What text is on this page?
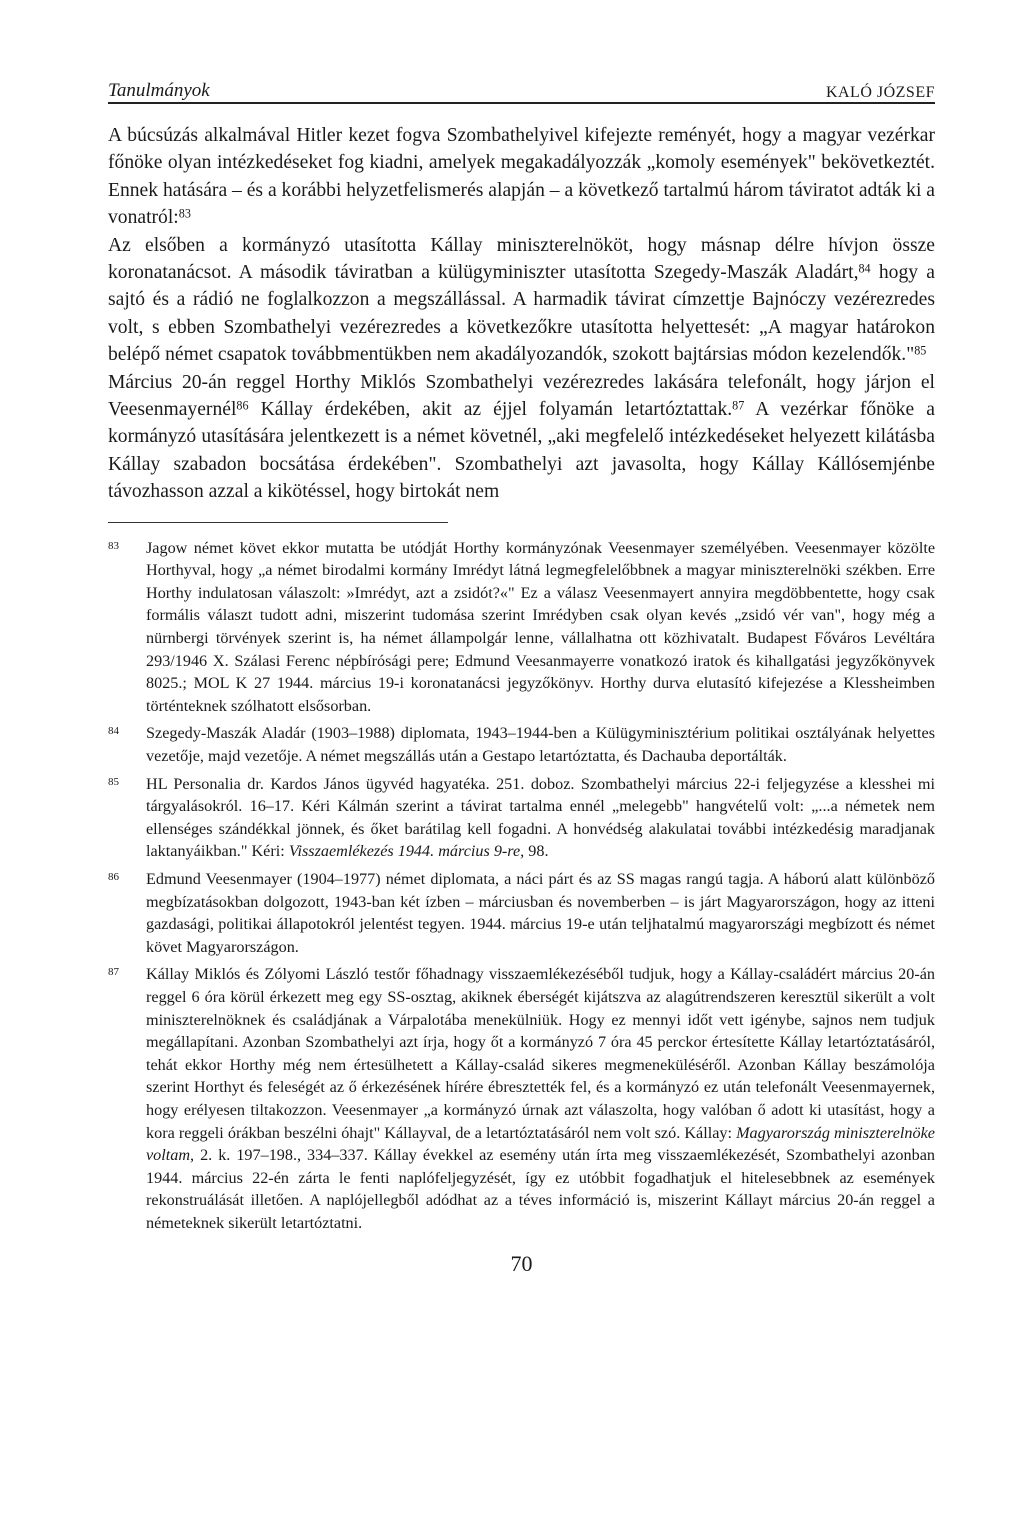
Tanulmányok	KALÓ JÓZSEF

A búcsúzás alkalmával Hitler kezet fogva Szombathelyivel kifejezte reményét, hogy a magyar vezérkar főnöke olyan intézkedéseket fog kiadni, amelyek megakadályozzák „komoly események" bekövetkeztét. Ennek hatására – és a korábbi helyzetfelismerés alapján – a következő tartalmú három táviratot adták ki a vonatról:$^{83}$

Az elsőben a kormányzó utasította Kállay miniszterelnököt, hogy másnap délre hívjon össze koronatanácsot. A második táviratban a külügyminiszter utasította Szegedy-Maszák Aladárt,$^{84}$ hogy a sajtó és a rádió ne foglalkozzon a megszállással. A harmadik távirat címzettje Bajnóczy vezérezredes volt, s ebben Szombathelyi vezérezredes a következőkre utasította helyettesét: „A magyar határokon belépő német csapatok továbbmentükben nem akadályozandók, szokott bajtársias módon kezelendők."$^{85}$

Március 20-án reggel Horthy Miklós Szombathelyi vezérezredes lakására telefonált, hogy járjon el Veesenmayernél$^{86}$ Kállay érdekében, akit az éjjel folyamán letartóztattak.$^{87}$ A vezérkar főnöke a kormányzó utasítására jelentkezett is a német követnél, „aki megfelelő intézkedéseket helyezett kilátásba Kállay szabadon bocsátása érdekében". Szombathelyi azt javasolta, hogy Kállay Kállósemjénbe távozhasson azzal a kikötéssel, hogy birtokát nem

83	Jagow német követ ekkor mutatta be utódját Horthy kormányzónak Veesenmayer személyében. Veesenmayer közölte Horthyval, hogy „a német birodalmi kormány Imrédyt látná legmegfelelőbbnek a magyar miniszterelnöki székben. Erre Horthy indulatosan válaszolt: »Imrédyt, azt a zsidót?«" Ez a válasz Veesenmayert annyira megdöbbentette, hogy csak formális választ tudott adni, miszerint tudomása szerint Imrédyben csak olyan kevés „zsidó vér van", hogy még a nürnbergi törvények szerint is, ha német állampolgár lenne, vállalhatna ott közhivatalt. Budapest Főváros Levéltára 293/1946 X. Szálasi Ferenc népbírósági pere; Edmund Veesanmayerre vonatkozó iratok és kihallgatási jegyzőkönyvek 8025.; MOL K 27 1944. március 19-i koronatanácsi jegyzőkönyv. Horthy durva elutasító kifejezése a Klessheimben történteknek szólhatott elsősorban.
84	Szegedy-Maszák Aladár (1903–1988) diplomata, 1943–1944-ben a Külügyminisztérium politikai osztályának helyettes vezetője, majd vezetője. A német megszállás után a Gestapo letartóztatta, és Dachauba deportálták.
85	HL Personalia dr. Kardos János ügyvéd hagyatéka. 251. doboz. Szombathelyi március 22-i feljegyzése a klesshei mi tárgyalásokról. 16–17. Kéri Kálmán szerint a távirat tartalma ennél „melegebb" hangvételű volt: „...a németek nem ellenséges szándékkal jönnek, és őket barátilag kell fogadni. A honvédség alakulatai további intézkedésig maradjanak laktanyáikban." Kéri: Visszaemlékezés 1944. március 9-re, 98.
86	Edmund Veesenmayer (1904–1977) német diplomata, a náci párt és az SS magas rangú tagja. A háború alatt különböző megbízatásokban dolgozott, 1943-ban két ízben – márciusban és novemberben – is járt Magyarországon, hogy az itteni gazdasági, politikai állapotokról jelentést tegyen. 1944. március 19-e után teljhatalmú magyarországi megbízott és német követ Magyarországon.
87	Kállay Miklós és Zólyomi László testőr főhadnagy visszaemlékezéséből tudjuk, hogy a Kállay-családért március 20-án reggel 6 óra körül érkezett meg egy SS-osztag, akiknek éberségét kijátszva az alagútrendszeren keresztül sikerült a volt miniszterelnöknek és családjának a Várpalotába menekülniük. Hogy ez mennyi időt vett igénybe, sajnos nem tudjuk megállapítani. Azonban Szombathelyi azt írja, hogy őt a kormányzó 7 óra 45 perckor értesítette Kállay letartóztatásáról, tehát ekkor Horthy még nem értesülhetett a Kállay-család sikeres megmeneküléséről. Azonban Kállay beszámolója szerint Horthyt és feleségét az ő érkezésének hírére ébresztették fel, és a kormányzó ez után telefonált Veesenmayernek, hogy erélyesen tiltakozzon. Veesenmayer „a kormányzó úrnak azt válaszolta, hogy valóban ő adott ki utasítást, hogy a kora reggeli órákban beszélni óhajt" Kállayval, de a letartóztatásáról nem volt szó. Kállay: Magyarország miniszterelnöke voltam, 2. k. 197–198., 334–337. Kállay évekkel az esemény után írta meg visszaemlékezését, Szombathelyi azonban 1944. március 22-én zárta le fenti naplófeljegyzését, így ez utóbbit fogadhatjuk el hitelesebbnek az események rekonstruálását illetően. A naplójellegből adódhat az a téves információ is, miszerint Kállayt március 20-án reggel a németeknek sikerült letartóztatni.
70
